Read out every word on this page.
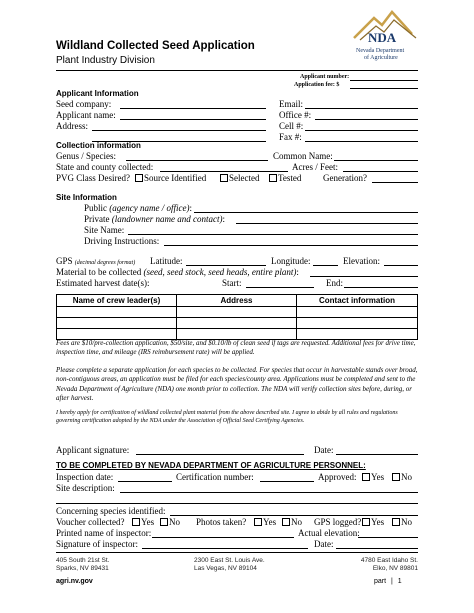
Wildland Collected Seed Application
Plant Industry Division
NDA
Nevada Department
of Agriculture
Applicant number:
Application fee: $
Applicant Information
Seed company:
Applicant name:
Address:
Email:
Office #:
Cell #:
Fax #:
Collection information
Genus / Species:	Common Name:
State and county collected:	Acres / Feet:
PVG Class Desired?	Source Identified	Selected	Tested Generation?
Site Information
Public (agency name / office):
Private (landowner name and contact):
Site Name:
Driving Instructions:
GPS (decimal degrees format) Latitude:	Longitude:	Elevation:
Material to be collected (seed, seed stock, seed heads, entire plant):
Estimated harvest date(s):	Start:	End:
Name of crew leader(s)	Address	Contact information

Fees are $10/pre-collection application, $50/site, and $0.10/lb of clean seed if tags are requested. Additional fees for drive time, inspection time, and mileage (IRS reimbursement rate) will be applied.
Please complete a separate application for each species to be collected. For species that occur in harvestable stands over broad, non-contiguous areas, an application must be filed for each species/county area. Applications must be completed and sent to the Nevada Department of Agriculture (NDA) one month prior to collection. The NDA will verify collection sites before, during, or after harvest.
I hereby apply for certification of wildland collected plant material from the above described site. I agree to abide by all rules and regulations governing certification adopted by the NDA under the Association of Official Seed Certifying Agencies.
Applicant signature:	Date:
TO BE COMPLETED BY NEVADA DEPARTMENT OF AGRICULTURE PERSONNEL:
Inspection date:	Certification number:	Approved:	Yes	No
Site description:
Concerning species identified:
Voucher collected?	Yes	No Photos taken?	Yes	No GPS logged?	Yes	No
Printed name of inspector:	Actual elevation:
Signature of inspector:	Date:
405 South 21st St.
Sparks, NV 89431
2300 East St. Louis Ave.
Las Vegas, NV 89104
4780 East Idaho St.
Elko, NV 89801
agri.nv.gov	part | 1
